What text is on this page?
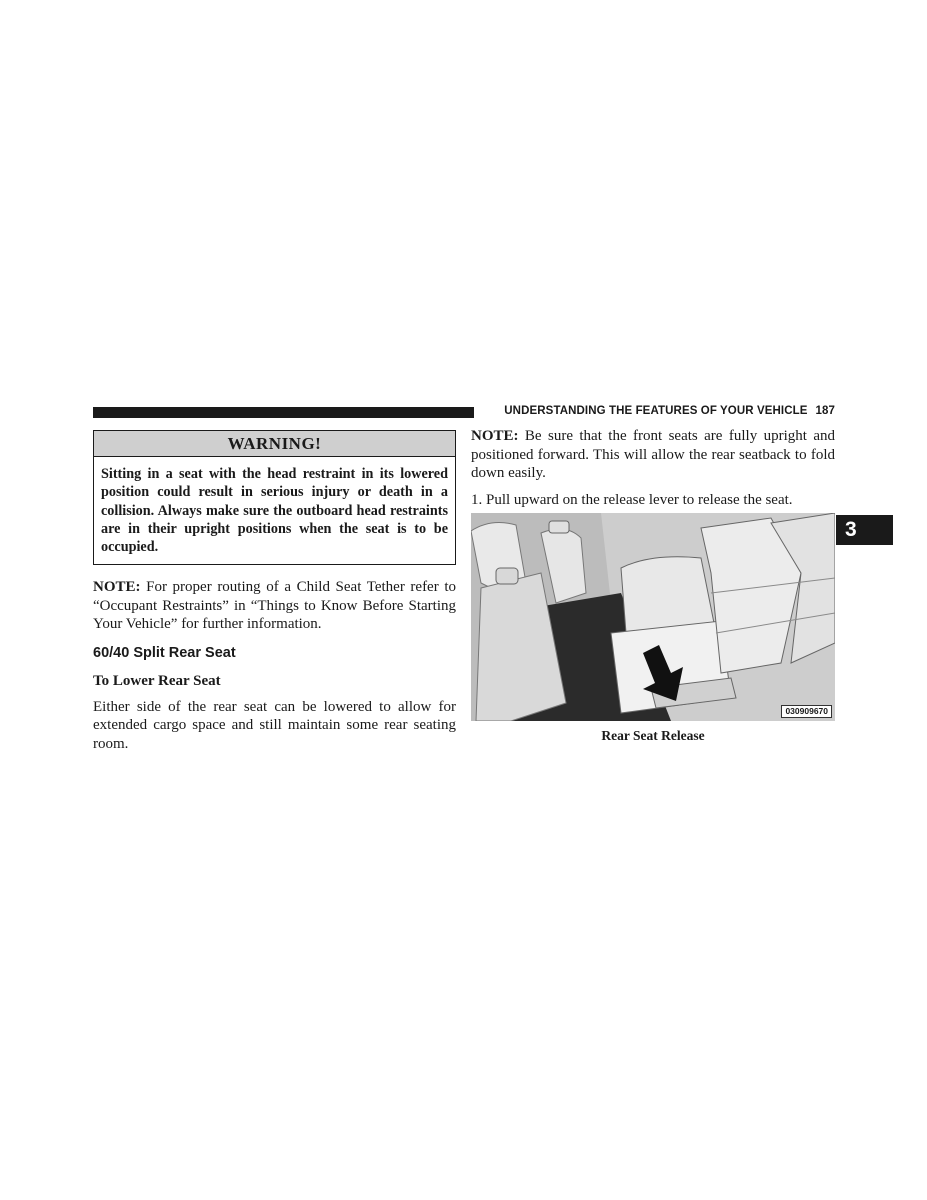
UNDERSTANDING THE FEATURES OF YOUR VEHICLE 187
WARNING!
Sitting in a seat with the head restraint in its lowered position could result in serious injury or death in a collision. Always make sure the outboard head restraints are in their upright positions when the seat is to be occupied.

NOTE: For proper routing of a Child Seat Tether refer to “Occupant Restraints” in “Things to Know Before Starting Your Vehicle” for further information.

60/40 Split Rear Seat
To Lower Rear Seat

Either side of the rear seat can be lowered to allow for extended cargo space and still maintain some rear seating room.

NOTE: Be sure that the front seats are fully upright and positioned forward. This will allow the rear seatback to fold down easily.

1. Pull upward on the release lever to release the seat.

030909670
Rear Seat Release
3
